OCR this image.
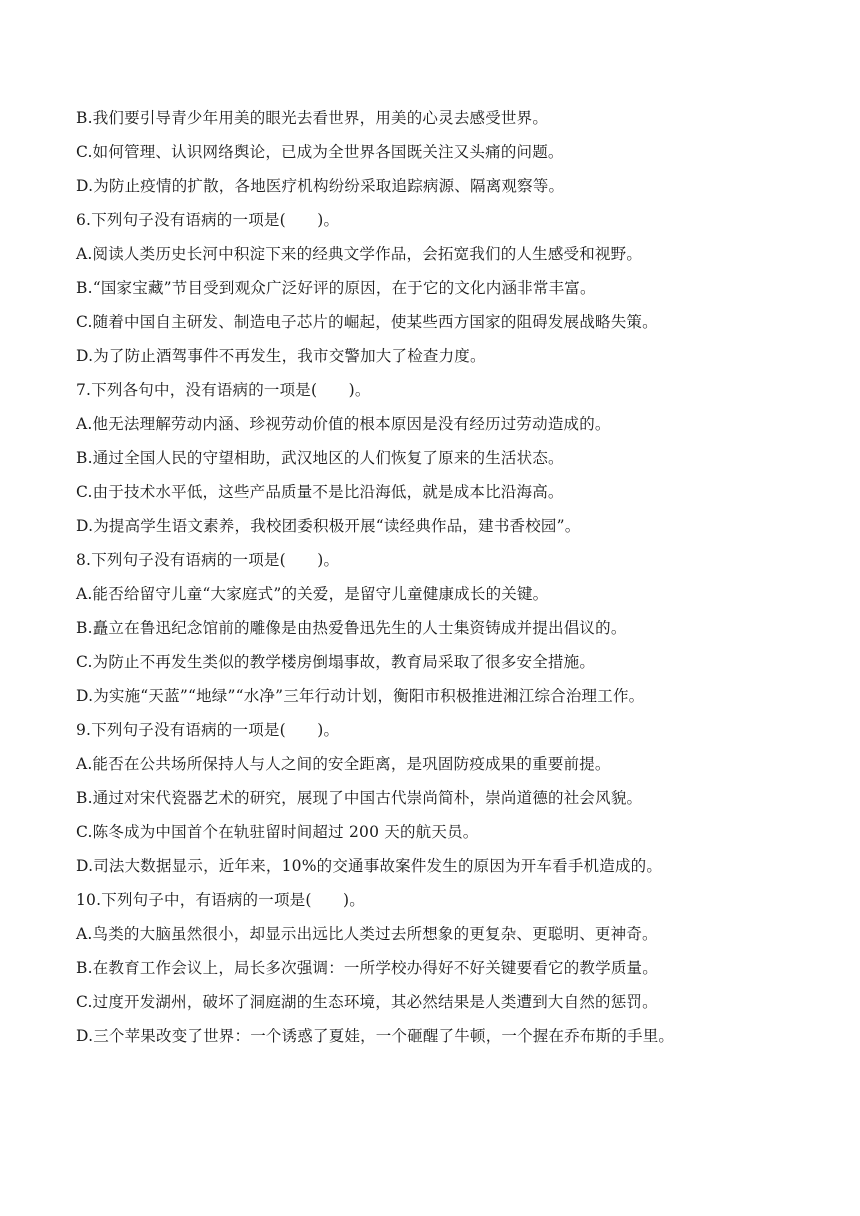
B.我们要引导青少年用美的眼光去看世界，用美的心灵去感受世界。
C.如何管理、认识网络舆论，已成为全世界各国既关注又头痛的问题。
D.为防止疫情的扩散，各地医疗机构纷纷采取追踪病源、隔离观察等。
6.下列句子没有语病的一项是(　　)。
A.阅读人类历史长河中积淀下来的经典文学作品，会拓宽我们的人生感受和视野。
B.“国家宝藏”节目受到观众广泛好评的原因，在于它的文化内涵非常丰富。
C.随着中国自主研发、制造电子芯片的崛起，使某些西方国家的阻碍发展战略失策。
D.为了防止酒驾事件不再发生，我市交警加大了检查力度。
7.下列各句中，没有语病的一项是(　　)。
A.他无法理解劳动内涵、珍视劳动价值的根本原因是没有经历过劳动造成的。
B.通过全国人民的守望相助，武汉地区的人们恢复了原来的生活状态。
C.由于技术水平低，这些产品质量不是比沿海低，就是成本比沿海高。
D.为提高学生语文素养，我校团委积极开展“读经典作品，建书香校园”。
8.下列句子没有语病的一项是(　　)。
A.能否给留守儿童“大家庭式”的关爱，是留守儿童健康成长的关键。
B.矗立在鲁迅纪念馆前的雕像是由热爱鲁迅先生的人士集资铸成并提出倡议的。
C.为防止不再发生类似的教学楼房倒塌事故，教育局采取了很多安全措施。
D.为实施“天蓝”“地绿”“水净”三年行动计划，衡阳市积极推进湘江综合治理工作。
9.下列句子没有语病的一项是(　　)。
A.能否在公共场所保持人与人之间的安全距离，是巩固防疫成果的重要前提。
B.通过对宋代瓷器艺术的研究，展现了中国古代崇尚简朴，崇尚道德的社会风貌。
C.陈冬成为中国首个在轨驻留时间超过 200 天的航天员。
D.司法大数据显示，近年来，10%的交通事故案件发生的原因为开车看手机造成的。
10.下列句子中，有语病的一项是(　　)。
A.鸟类的大脑虽然很小，却显示出远比人类过去所想象的更复杂、更聪明、更神奇。
B.在教育工作会议上，局长多次强调：一所学校办得好不好关键要看它的教学质量。
C.过度开发湖州，破坏了洞庭湖的生态环境，其必然结果是人类遭到大自然的惩罚。
D.三个苹果改变了世界：一个诱惑了夏娃，一个砸醒了牛顿，一个握在乔布斯的手里。
